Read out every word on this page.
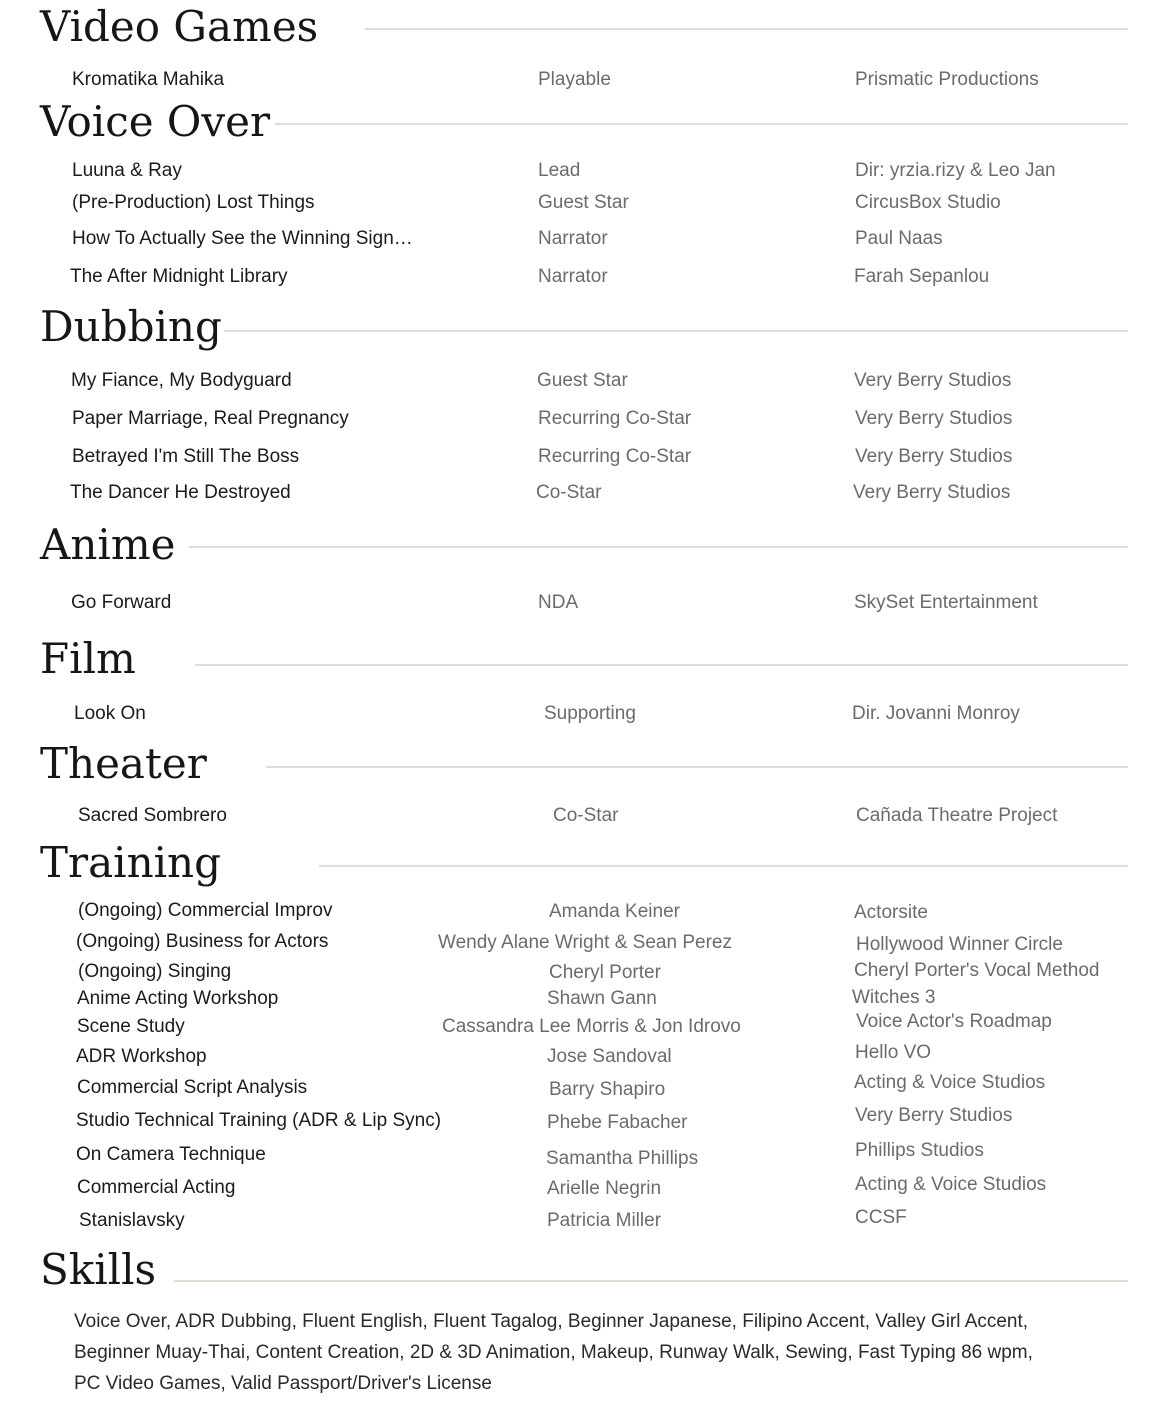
Video Games
Kromatika Mahika	Playable	Prismatic Productions
Voice Over
Luuna & Ray	Lead	Dir: yrzia.rizy & Leo Jan
(Pre-Production) Lost Things	Guest Star	CircusBox Studio
How To Actually See the Winning Sign…	Narrator	Paul Naas
The After Midnight Library	Narrator	Farah Sepanlou
Dubbing
My Fiance, My Bodyguard	Guest Star	Very Berry Studios
Paper Marriage, Real Pregnancy	Recurring Co-Star	Very Berry Studios
Betrayed I'm Still The Boss	Recurring Co-Star	Very Berry Studios
The Dancer He Destroyed	Co-Star	Very Berry Studios
Anime
Go Forward	NDA	SkySet Entertainment
Film
Look On	Supporting	Dir. Jovanni Monroy
Theater
Sacred Sombrero	Co-Star	Cañada Theatre Project
Training
(Ongoing) Commercial Improv	Amanda Keiner	Actorsite
(Ongoing) Business for Actors	Wendy Alane Wright & Sean Perez	Hollywood Winner Circle
(Ongoing) Singing	Cheryl Porter	Cheryl Porter's Vocal Method
Anime Acting Workshop	Shawn Gann	Witches 3
Scene Study	Cassandra Lee Morris & Jon Idrovo	Voice Actor's Roadmap
ADR Workshop	Jose Sandoval	Hello VO
Commercial Script Analysis	Barry Shapiro	Acting & Voice Studios
Studio Technical Training (ADR & Lip Sync)	Phebe Fabacher	Very Berry Studios
On Camera Technique	Samantha Phillips	Phillips Studios
Commercial Acting	Arielle Negrin	Acting & Voice Studios
Stanislavsky	Patricia Miller	CCSF
Skills
Voice Over, ADR Dubbing, Fluent English, Fluent Tagalog, Beginner Japanese, Filipino Accent, Valley Girl Accent, Beginner Muay-Thai, Content Creation, 2D & 3D Animation, Makeup, Runway Walk, Sewing, Fast Typing 86 wpm, PC Video Games, Valid Passport/Driver's License
